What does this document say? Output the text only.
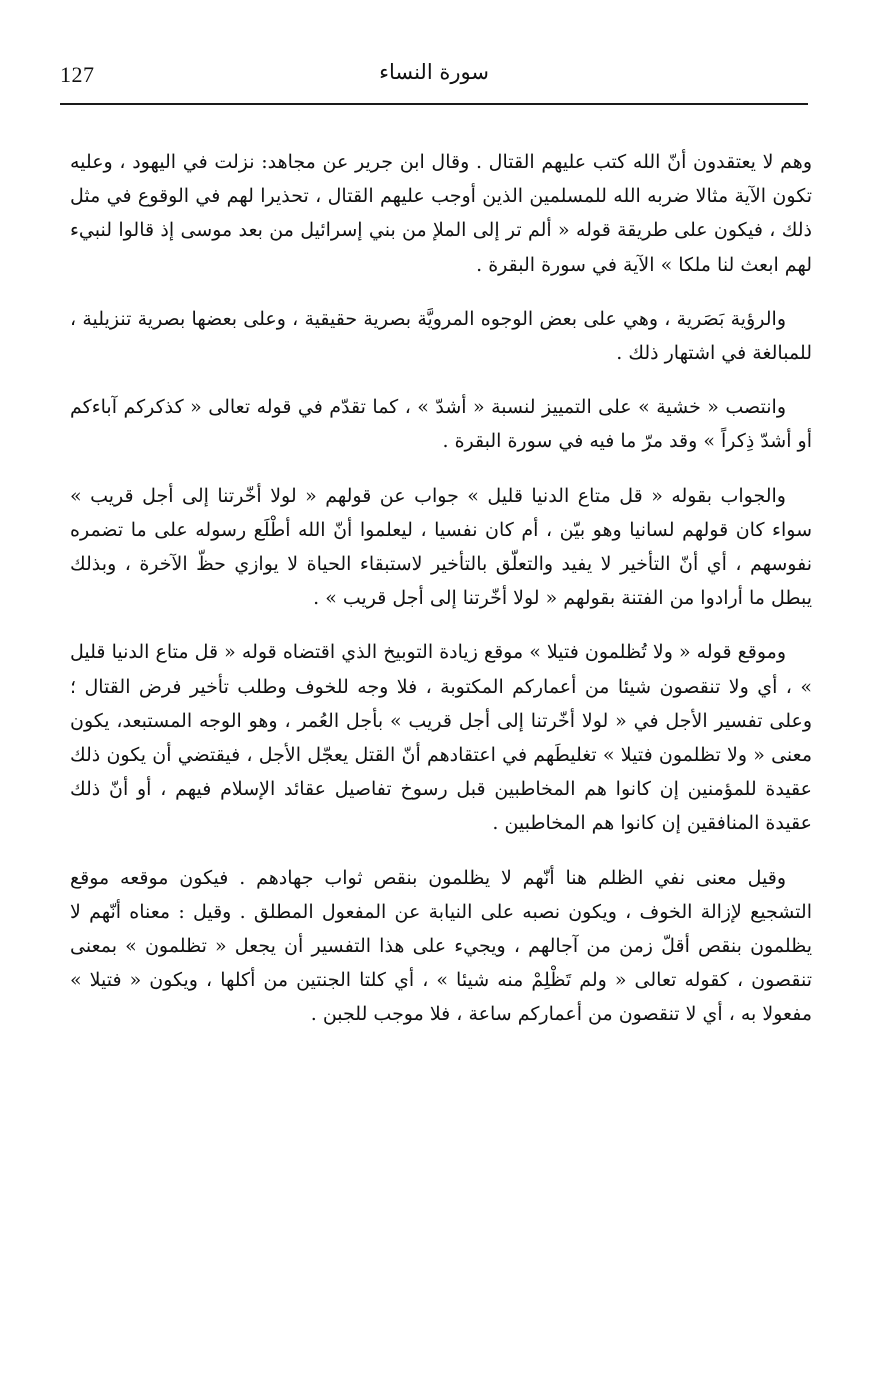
127	سورة النساء

وهم لا يعتقدون أنّ الله كتب عليهم القتال . وقال ابن جرير عن مجاهد: نزلت في اليهود ، وعليه تكون الآية مثالا ضربه الله للمسلمين الذين أوجب عليهم القتال ، تحذيرا لهم في الوقوع في مثل ذلك ، فيكون على طريقة قوله « ألم تر إلى الملإ من بني إسرائيل من بعد موسى إذ قالوا لنبيء لهم ابعث لنا ملكا » الآية في سورة البقرة .

والرؤية بَصَرية ، وهي على بعض الوجوه المرويَّة بصرية حقيقية ، وعلى بعضها بصرية تنزيلية ، للمبالغة في اشتهار ذلك .

وانتصب « خشية » على التمييز لنسبة « أشدّ » ، كما تقدّم في قوله تعالى « كذكركم آباءكم أو أشدّ ذِكراً » وقد مرّ ما فيه في سورة البقرة .

والجواب بقوله « قل متاع الدنيا قليل » جواب عن قولهم « لولا أخّرتنا إلى أجل قريب » سواء كان قولهم لسانيا وهو بيّن ، أم كان نفسيا ، ليعلموا أنّ الله أطْلَع رسوله على ما تضمره نفوسهم ، أي أنّ التأخير لا يفيد والتعلّق بالتأخير لاستبقاء الحياة لا يوازي حظّ الآخرة ، وبذلك يبطل ما أرادوا من الفتنة بقولهم « لولا أخّرتنا إلى أجل قريب » .

وموقع قوله « ولا تُظلمون فتيلا » موقع زيادة التوبيخ الذي اقتضاه قوله « قل متاع الدنيا قليل » ، أي ولا تنقصون شيئا من أعماركم المكتوبة ، فلا وجه للخوف وطلب تأخير فرض القتال ؛ وعلى تفسير الأجل في « لولا أخّرتنا إلى أجل قريب » بأجل العُمر ، وهو الوجه المستبعد، يكون معنى « ولا تظلمون فتيلا » تغليطَهم في اعتقادهم أنّ القتل يعجّل الأجل ، فيقتضي أن يكون ذلك عقيدة للمؤمنين إن كانوا هم المخاطبين قبل رسوخ تفاصيل عقائد الإسلام فيهم ، أو أنّ ذلك عقيدة المنافقين إن كانوا هم المخاطبين .

وقيل معنى نفي الظلم هنا أنّهم لا يظلمون بنقص ثواب جهادهم . فيكون موقعه موقع التشجيع لإزالة الخوف ، ويكون نصبه على النيابة عن المفعول المطلق . وقيل : معناه أنّهم لا يظلمون بنقص أقلّ زمن من آجالهم ، ويجيء على هذا التفسير أن يجعل « تظلمون » بمعنى تنقصون ، كقوله تعالى « ولم تَظْلِمْ منه شيئا » ، أي كلتا الجنتين من أكلها ، ويكون « فتيلا » مفعولا به ، أي لا تنقصون من أعماركم ساعة ، فلا موجب للجبن .
